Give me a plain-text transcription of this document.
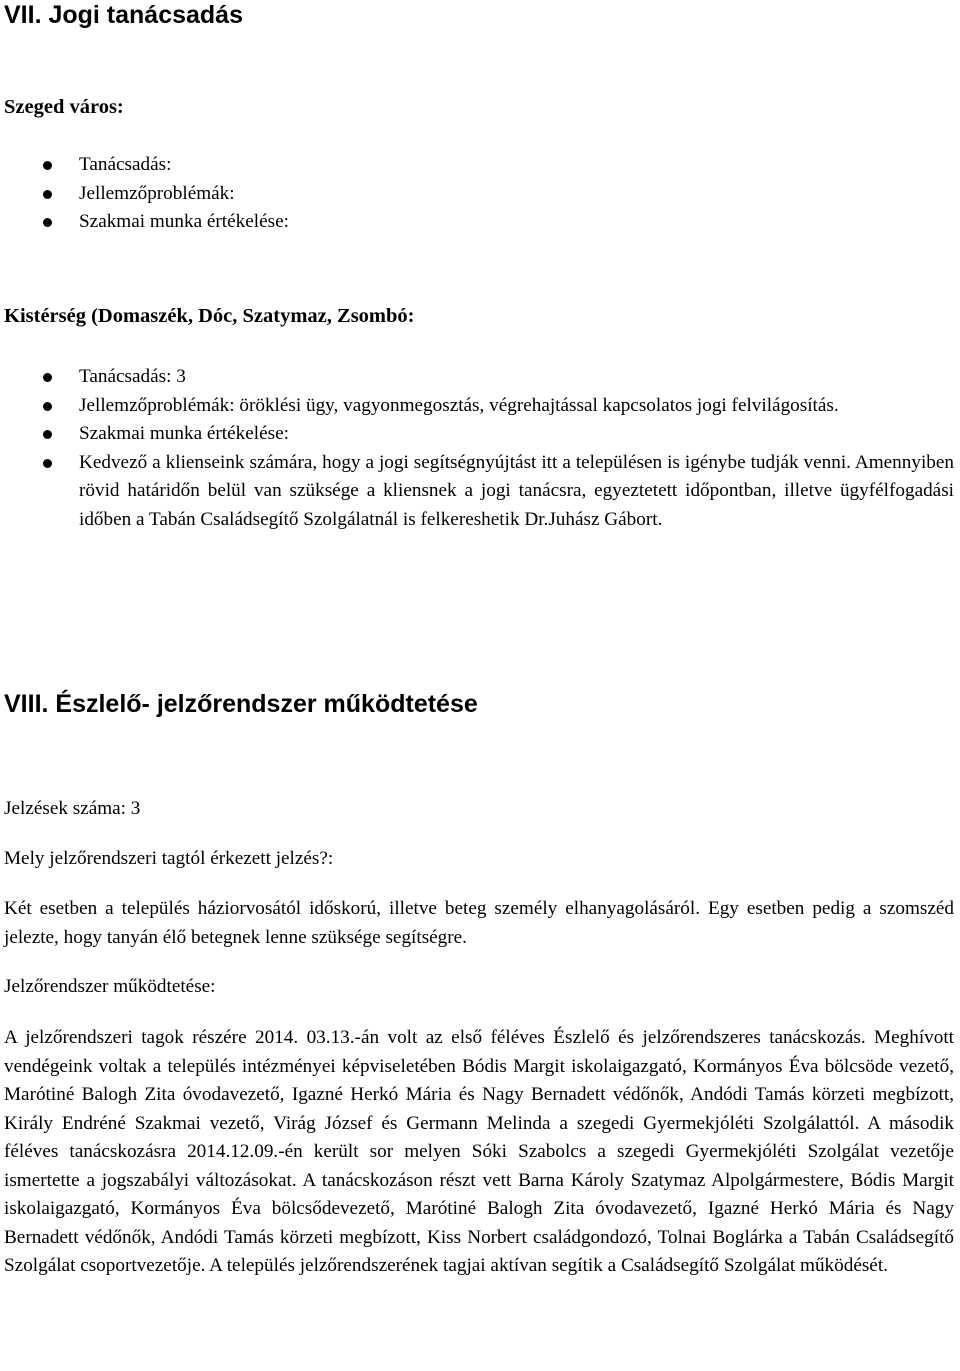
VII. Jogi tanácsadás
Szeged város:
Tanácsadás:
Jellemzőproblémák:
Szakmai munka értékelése:
Kistérség (Domaszék, Dóc, Szatymaz, Zsombó:
Tanácsadás: 3
Jellemzőproblémák: öröklési ügy, vagyonmegosztás, végrehajtással kapcsolatos jogi felvilágosítás.
Szakmai munka értékelése:
Kedvező a klienseink számára, hogy a jogi segítségnyújtást itt a településen is igénybe tudják venni. Amennyiben rövid határidőn belül van szüksége a kliensnek a jogi tanácsra, egyeztetett időpontban, illetve ügyfélfogadási időben a Tabán Családsegítő Szolgálatnál is felkereshetik Dr.Juhász Gábort.
VIII. Észlelő- jelzőrendszer működtetése

Jelzések száma: 3

Mely jelzőrendszeri tagtól érkezett jelzés?:

Két esetben a település háziorvosától időskorú, illetve beteg személy elhanyagolásáról. Egy esetben pedig a szomszéd jelezte, hogy tanyán élő betegnek lenne szüksége segítségre.

Jelzőrendszer működtetése:

A jelzőrendszeri tagok részére 2014. 03.13.-án volt az első féléves Észlelő és jelzőrendszeres tanácskozás. Meghívott vendégeink voltak a település intézményei képviseletében Bódis Margit iskolaigazgató, Kormányos Éva bölcsöde vezető, Marótiné Balogh Zita óvodavezető, Igazné Herkó Mária és Nagy Bernadett védőnők, Andódi Tamás körzeti megbízott, Király Endréné Szakmai vezető, Virág József és Germann Melinda a szegedi Gyermekjóléti Szolgálattól. A második féléves tanácskozásra 2014.12.09.-én került sor melyen Sóki Szabolcs a szegedi Gyermekjóléti Szolgálat vezetője ismertette a jogszabályi változásokat. A tanácskozáson részt vett Barna Károly Szatymaz Alpolgármestere, Bódis Margit iskolaigazgató, Kormányos Éva bölcsődevezető, Marótiné Balogh Zita óvodavezető, Igazné Herkó Mária és Nagy Bernadett védőnők, Andódi Tamás körzeti megbízott, Kiss Norbert családgondozó, Tolnai Boglárka a Tabán Családsegítő Szolgálat csoportvezetője. A település jelzőrendszerének tagjai aktívan segítik a Családsegítő Szolgálat működését.
